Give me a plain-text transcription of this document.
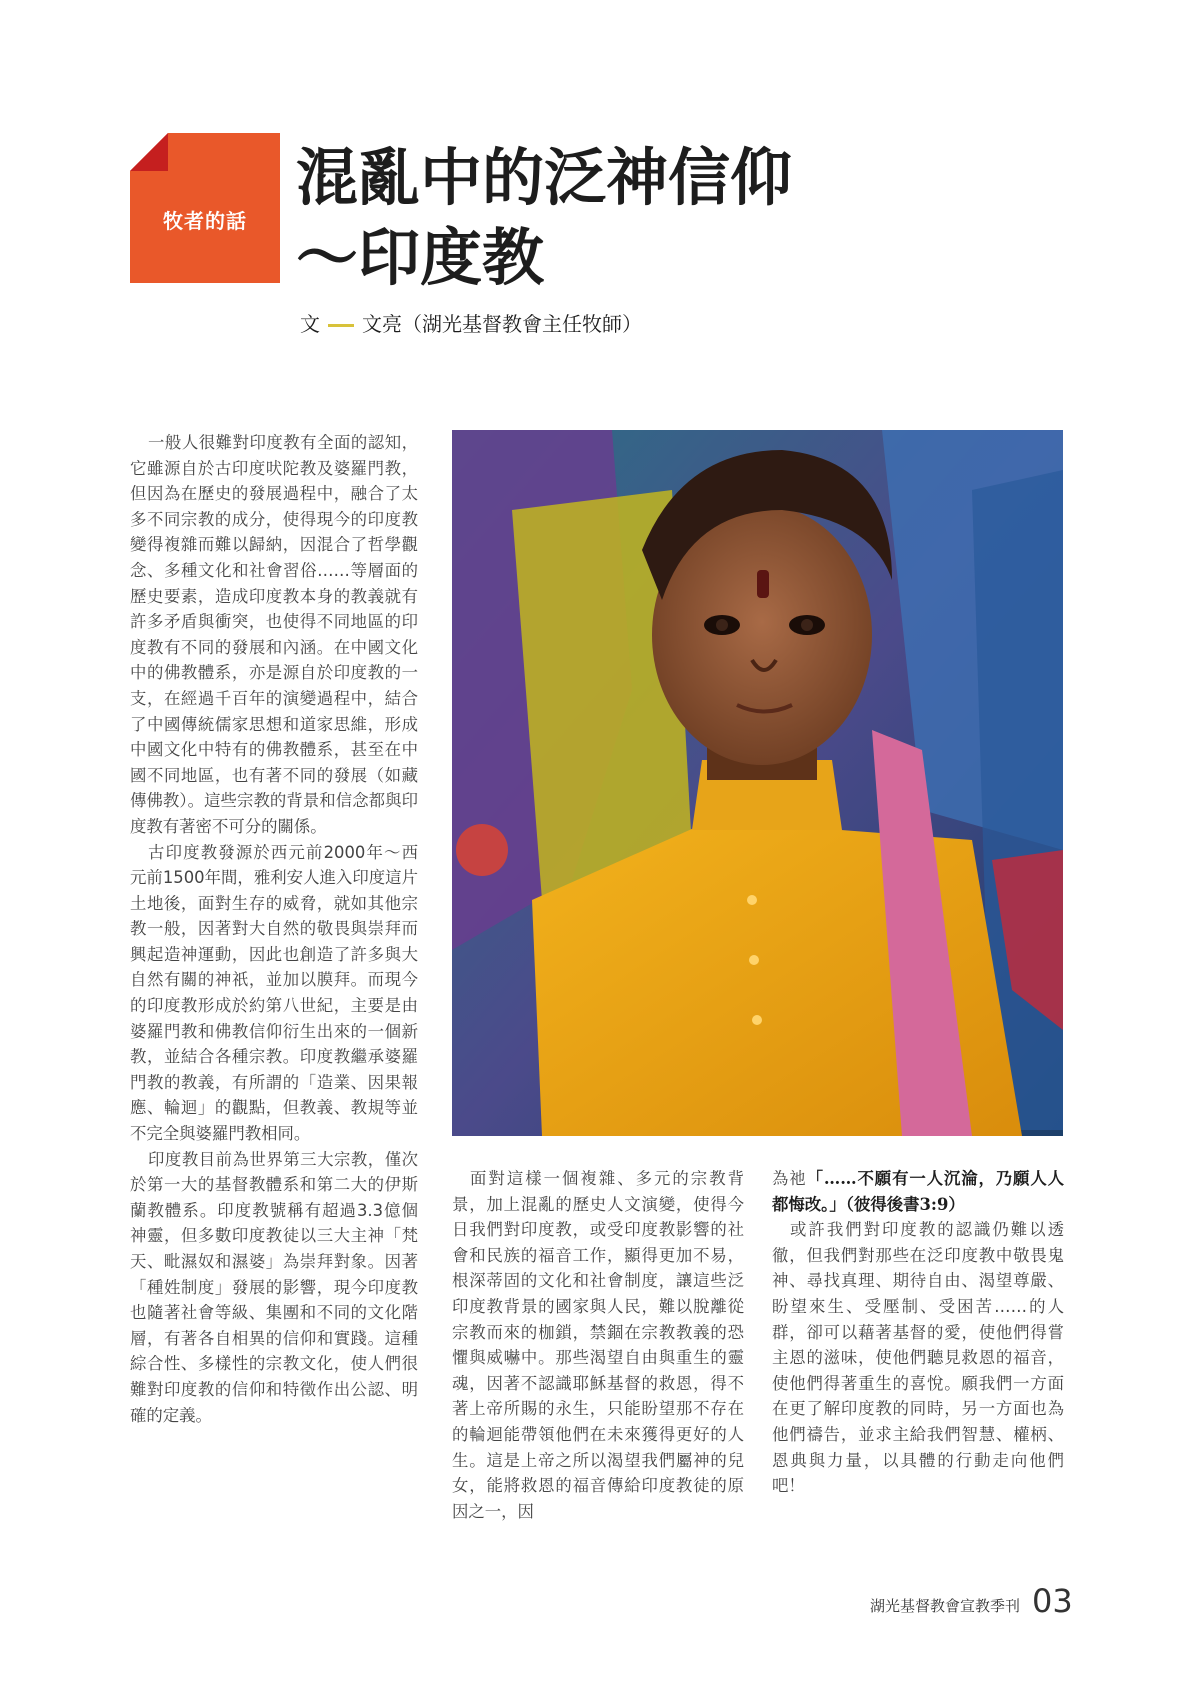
牧者的話
混亂中的泛神信仰
～印度教
文 文亮（湖光基督教會主任牧師）

一般人很難對印度教有全面的認知，它雖源自於古印度吠陀教及婆羅門教，但因為在歷史的發展過程中，融合了太多不同宗教的成分，使得現今的印度教變得複雜而難以歸納，因混合了哲學觀念、多種文化和社會習俗……等層面的歷史要素，造成印度教本身的教義就有許多矛盾與衝突，也使得不同地區的印度教有不同的發展和內涵。在中國文化中的佛教體系，亦是源自於印度教的一支，在經過千百年的演變過程中，結合了中國傳統儒家思想和道家思維，形成中國文化中特有的佛教體系，甚至在中國不同地區，也有著不同的發展（如藏傳佛教）。這些宗教的背景和信念都與印度教有著密不可分的關係。

古印度教發源於西元前2000年～西元前1500年間，雅利安人進入印度這片土地後，面對生存的威脅，就如其他宗教一般，因著對大自然的敬畏與崇拜而興起造神運動，因此也創造了許多與大自然有關的神祇，並加以膜拜。而現今的印度教形成於約第八世紀，主要是由婆羅門教和佛教信仰衍生出來的一個新教，並結合各種宗教。印度教繼承婆羅門教的教義，有所謂的「造業、因果報應、輪迴」的觀點，但教義、教規等並不完全與婆羅門教相同。

印度教目前為世界第三大宗教，僅次於第一大的基督教體系和第二大的伊斯蘭教體系。印度教號稱有超過3.3億個神靈，但多數印度教徒以三大主神「梵天、毗濕奴和濕婆」為崇拜對象。因著「種姓制度」發展的影響，現今印度教也隨著社會等級、集團和不同的文化階層，有著各自相異的信仰和實踐。這種綜合性、多樣性的宗教文化，使人們很難對印度教的信仰和特徵作出公認、明確的定義。

面對這樣一個複雜、多元的宗教背景，加上混亂的歷史人文演變，使得今日我們對印度教，或受印度教影響的社會和民族的福音工作，顯得更加不易，根深蒂固的文化和社會制度，讓這些泛印度教背景的國家與人民，難以脫離從宗教而來的枷鎖，禁錮在宗教教義的恐懼與威嚇中。那些渴望自由與重生的靈魂，因著不認識耶穌基督的救恩，得不著上帝所賜的永生，只能盼望那不存在的輪迴能帶領他們在未來獲得更好的人生。這是上帝之所以渴望我們屬神的兒女，能將救恩的福音傳給印度教徒的原因之一，因

為祂「……不願有一人沉淪，乃願人人都悔改。」（彼得後書3:9）

或許我們對印度教的認識仍難以透徹，但我們對那些在泛印度教中敬畏鬼神、尋找真理、期待自由、渴望尊嚴、盼望來生、受壓制、受困苦……的人群，卻可以藉著基督的愛，使他們得嘗主恩的滋味，使他們聽見救恩的福音，使他們得著重生的喜悅。願我們一方面在更了解印度教的同時，另一方面也為他們禱告，並求主給我們智慧、權柄、恩典與力量，以具體的行動走向他們吧！

湖光基督教會宣教季刊 03
